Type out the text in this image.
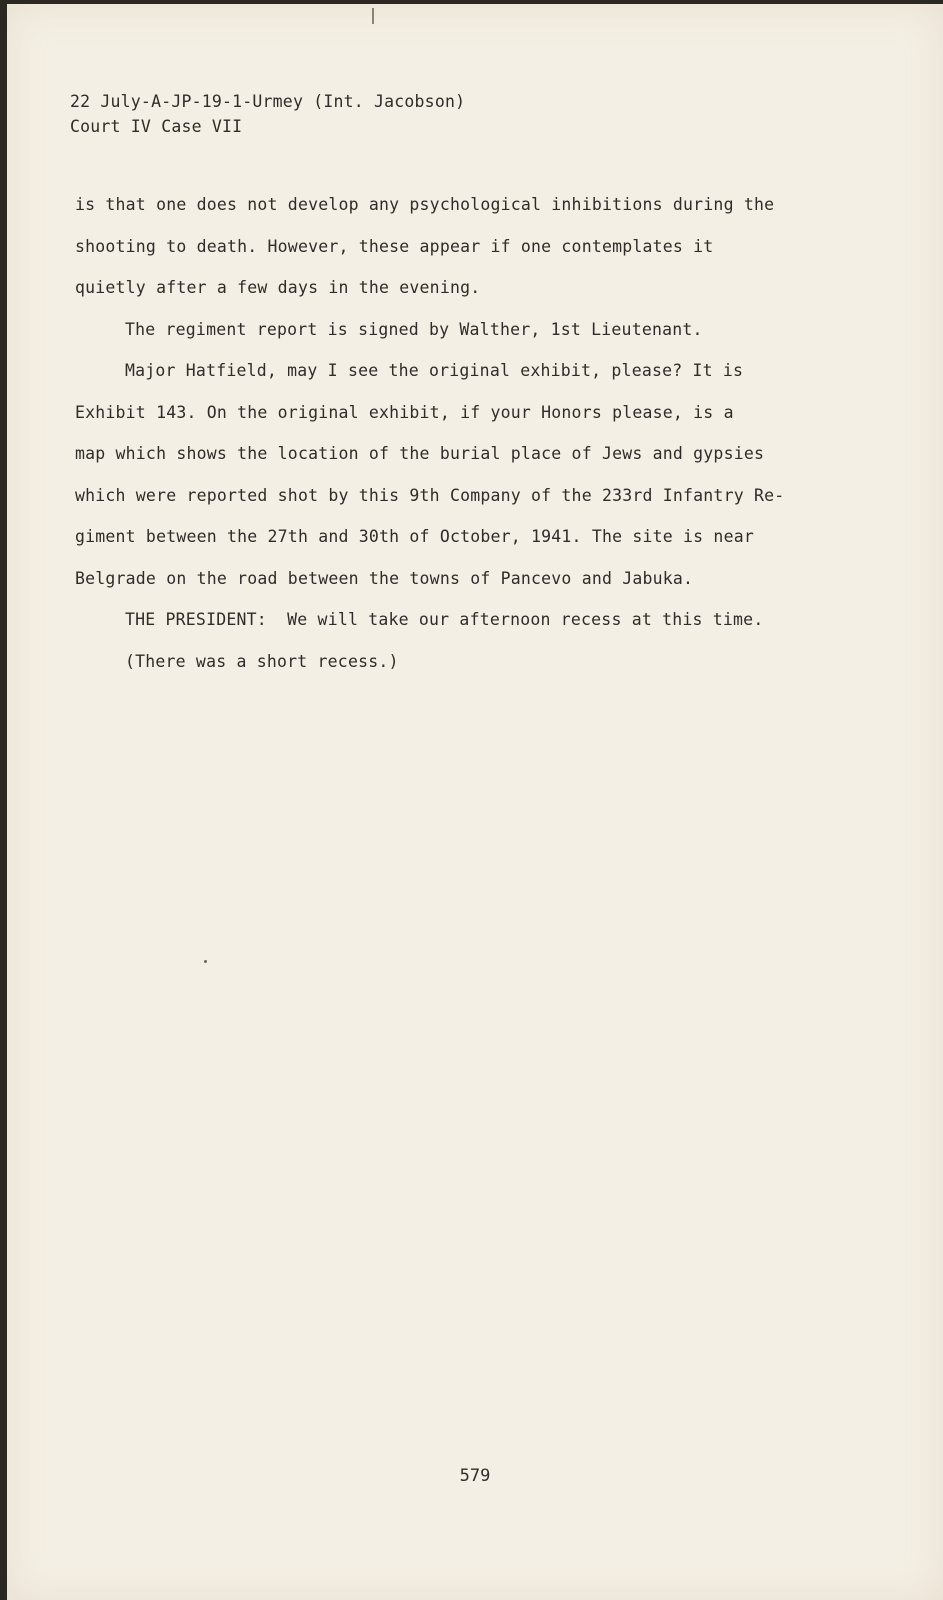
22 July-A-JP-19-1-Urmey (Int. Jacobson)
Court IV Case VII

is that one does not develop any psychological inhibitions during the

shooting to death. However, these appear if one contemplates it

quietly after a few days in the evening.

The regiment report is signed by Walther, 1st Lieutenant.

Major Hatfield, may I see the original exhibit, please? It is

Exhibit 143. On the original exhibit, if your Honors please, is a

map which shows the location of the burial place of Jews and gypsies

which were reported shot by this 9th Company of the 233rd Infantry Re-

giment between the 27th and 30th of October, 1941. The site is near

Belgrade on the road between the towns of Pancevo and Jabuka.

THE PRESIDENT: We will take our afternoon recess at this time.

(There was a short recess.)

579
